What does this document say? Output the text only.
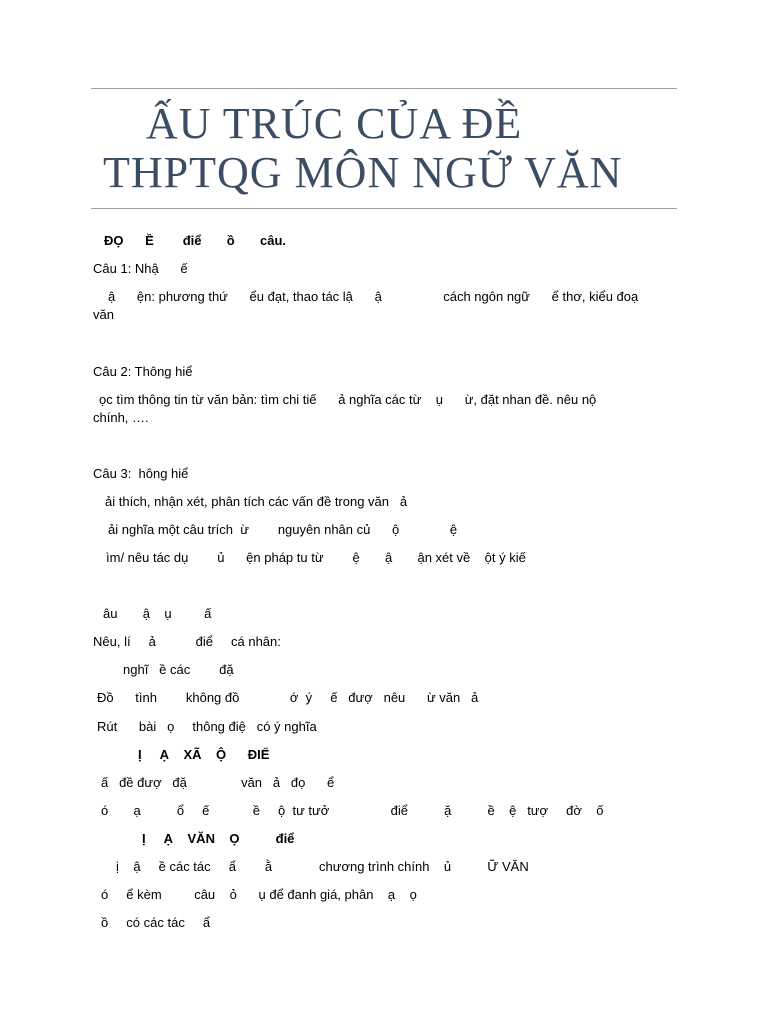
ẤU TRÚC CỦA ĐỀ
THPTQG MÔN NGỮ VĂN
ĐỌ      Ề        điể       ồ       câu.
Câu 1: Nhậ      ế
ậ      ện: phương thứ      ểu đạt, thao tác lậ      ậ                 cách ngôn ngữ      ể thơ, kiểu đoạ
văn
Câu 2: Thông hiể
ọc tìm thông tin từ văn bản: tìm chi tiế      ả nghĩa các từ    ụ      ừ, đặt nhan đề. nêu nộ
chính, ….
Câu 3:  hông hiể
ải thích, nhận xét, phân tích các vấn đề trong văn   ả
ải nghĩa một câu trích  ừ        nguyên nhân củ      ộ              ệ
ìm/ nêu tác dụ        ủ      ện pháp tu từ        ệ       ậ       ận xét về    ột ý kiế
âu       ậ    ụ         ấ
Nêu, lí     ả           điể     cá nhân:
nghĩ   ề các        đặ
Đồ      tình        không đồ              ớ  ý     ế   đượ   nêu      ừ văn   ả
Rút      bài   ọ     thông điệ   có ý nghĩa
Ị     Ạ    XÃ    Ộ      ĐIỂ
ấ   đề đượ   đặ               văn   ả   đọ      ể
ó       ạ          ổ     ế            ề     ộ  tư tưở                 điể          ặ          ề    ệ   tượ     đờ    ố
Ị     Ạ    VĂN    Ọ          điể
ị    ậ     ề các tác     ẩ        ằ             chương trình chính    ủ          Ữ VĂN
ó     ể kèm         câu    ỏ      ụ để đanh giá, phân    ạ    ọ
ồ     có các tác     ẩ
